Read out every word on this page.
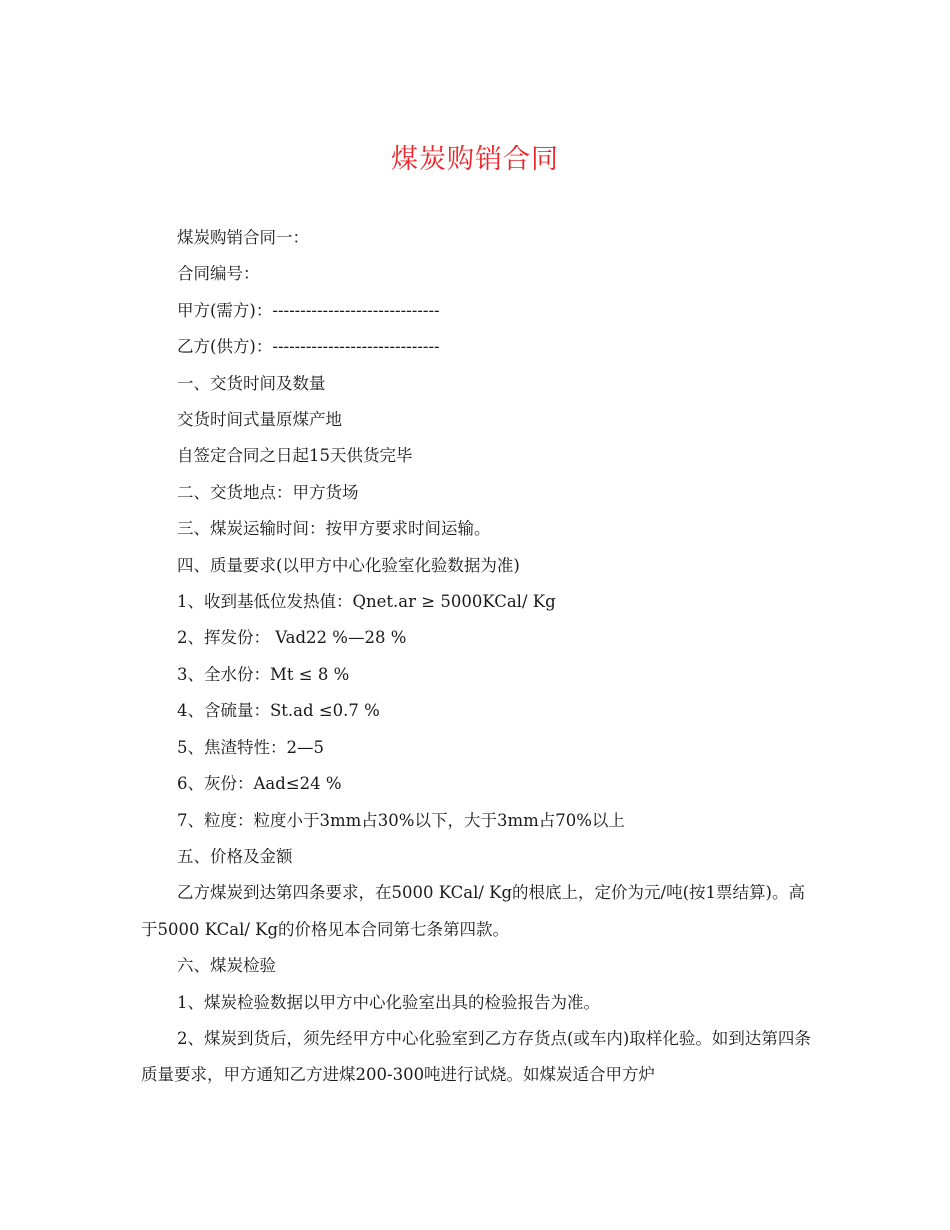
煤炭购销合同

煤炭购销合同一：

合同编号：

甲方(需方)：------------------------------

乙方(供方)：------------------------------

一、交货时间及数量

交货时间式量原煤产地

自签定合同之日起15天供货完毕

二、交货地点：甲方货场

三、煤炭运输时间：按甲方要求时间运输。

四、质量要求(以甲方中心化验室化验数据为准)

1、收到基低位发热值：Qnet.ar ≥ 5000KCal/ Kg

2、挥发份： Vad22 %—28 %

3、全水份：Mt ≤ 8 %

4、含硫量：St.ad ≤0.7 %

5、焦渣特性：2—5

6、灰份：Aad≤24 %

7、粒度：粒度小于3mm占30%以下，大于3mm占70%以上

五、价格及金额

乙方煤炭到达第四条要求，在5000 KCal/ Kg的根底上，定价为元/吨(按1票结算)。高于5000 KCal/ Kg的价格见本合同第七条第四款。

六、煤炭检验

1、煤炭检验数据以甲方中心化验室出具的检验报告为准。

2、煤炭到货后，须先经甲方中心化验室到乙方存货点(或车内)取样化验。如到达第四条质量要求，甲方通知乙方进煤200-300吨进行试烧。如煤炭适合甲方炉
